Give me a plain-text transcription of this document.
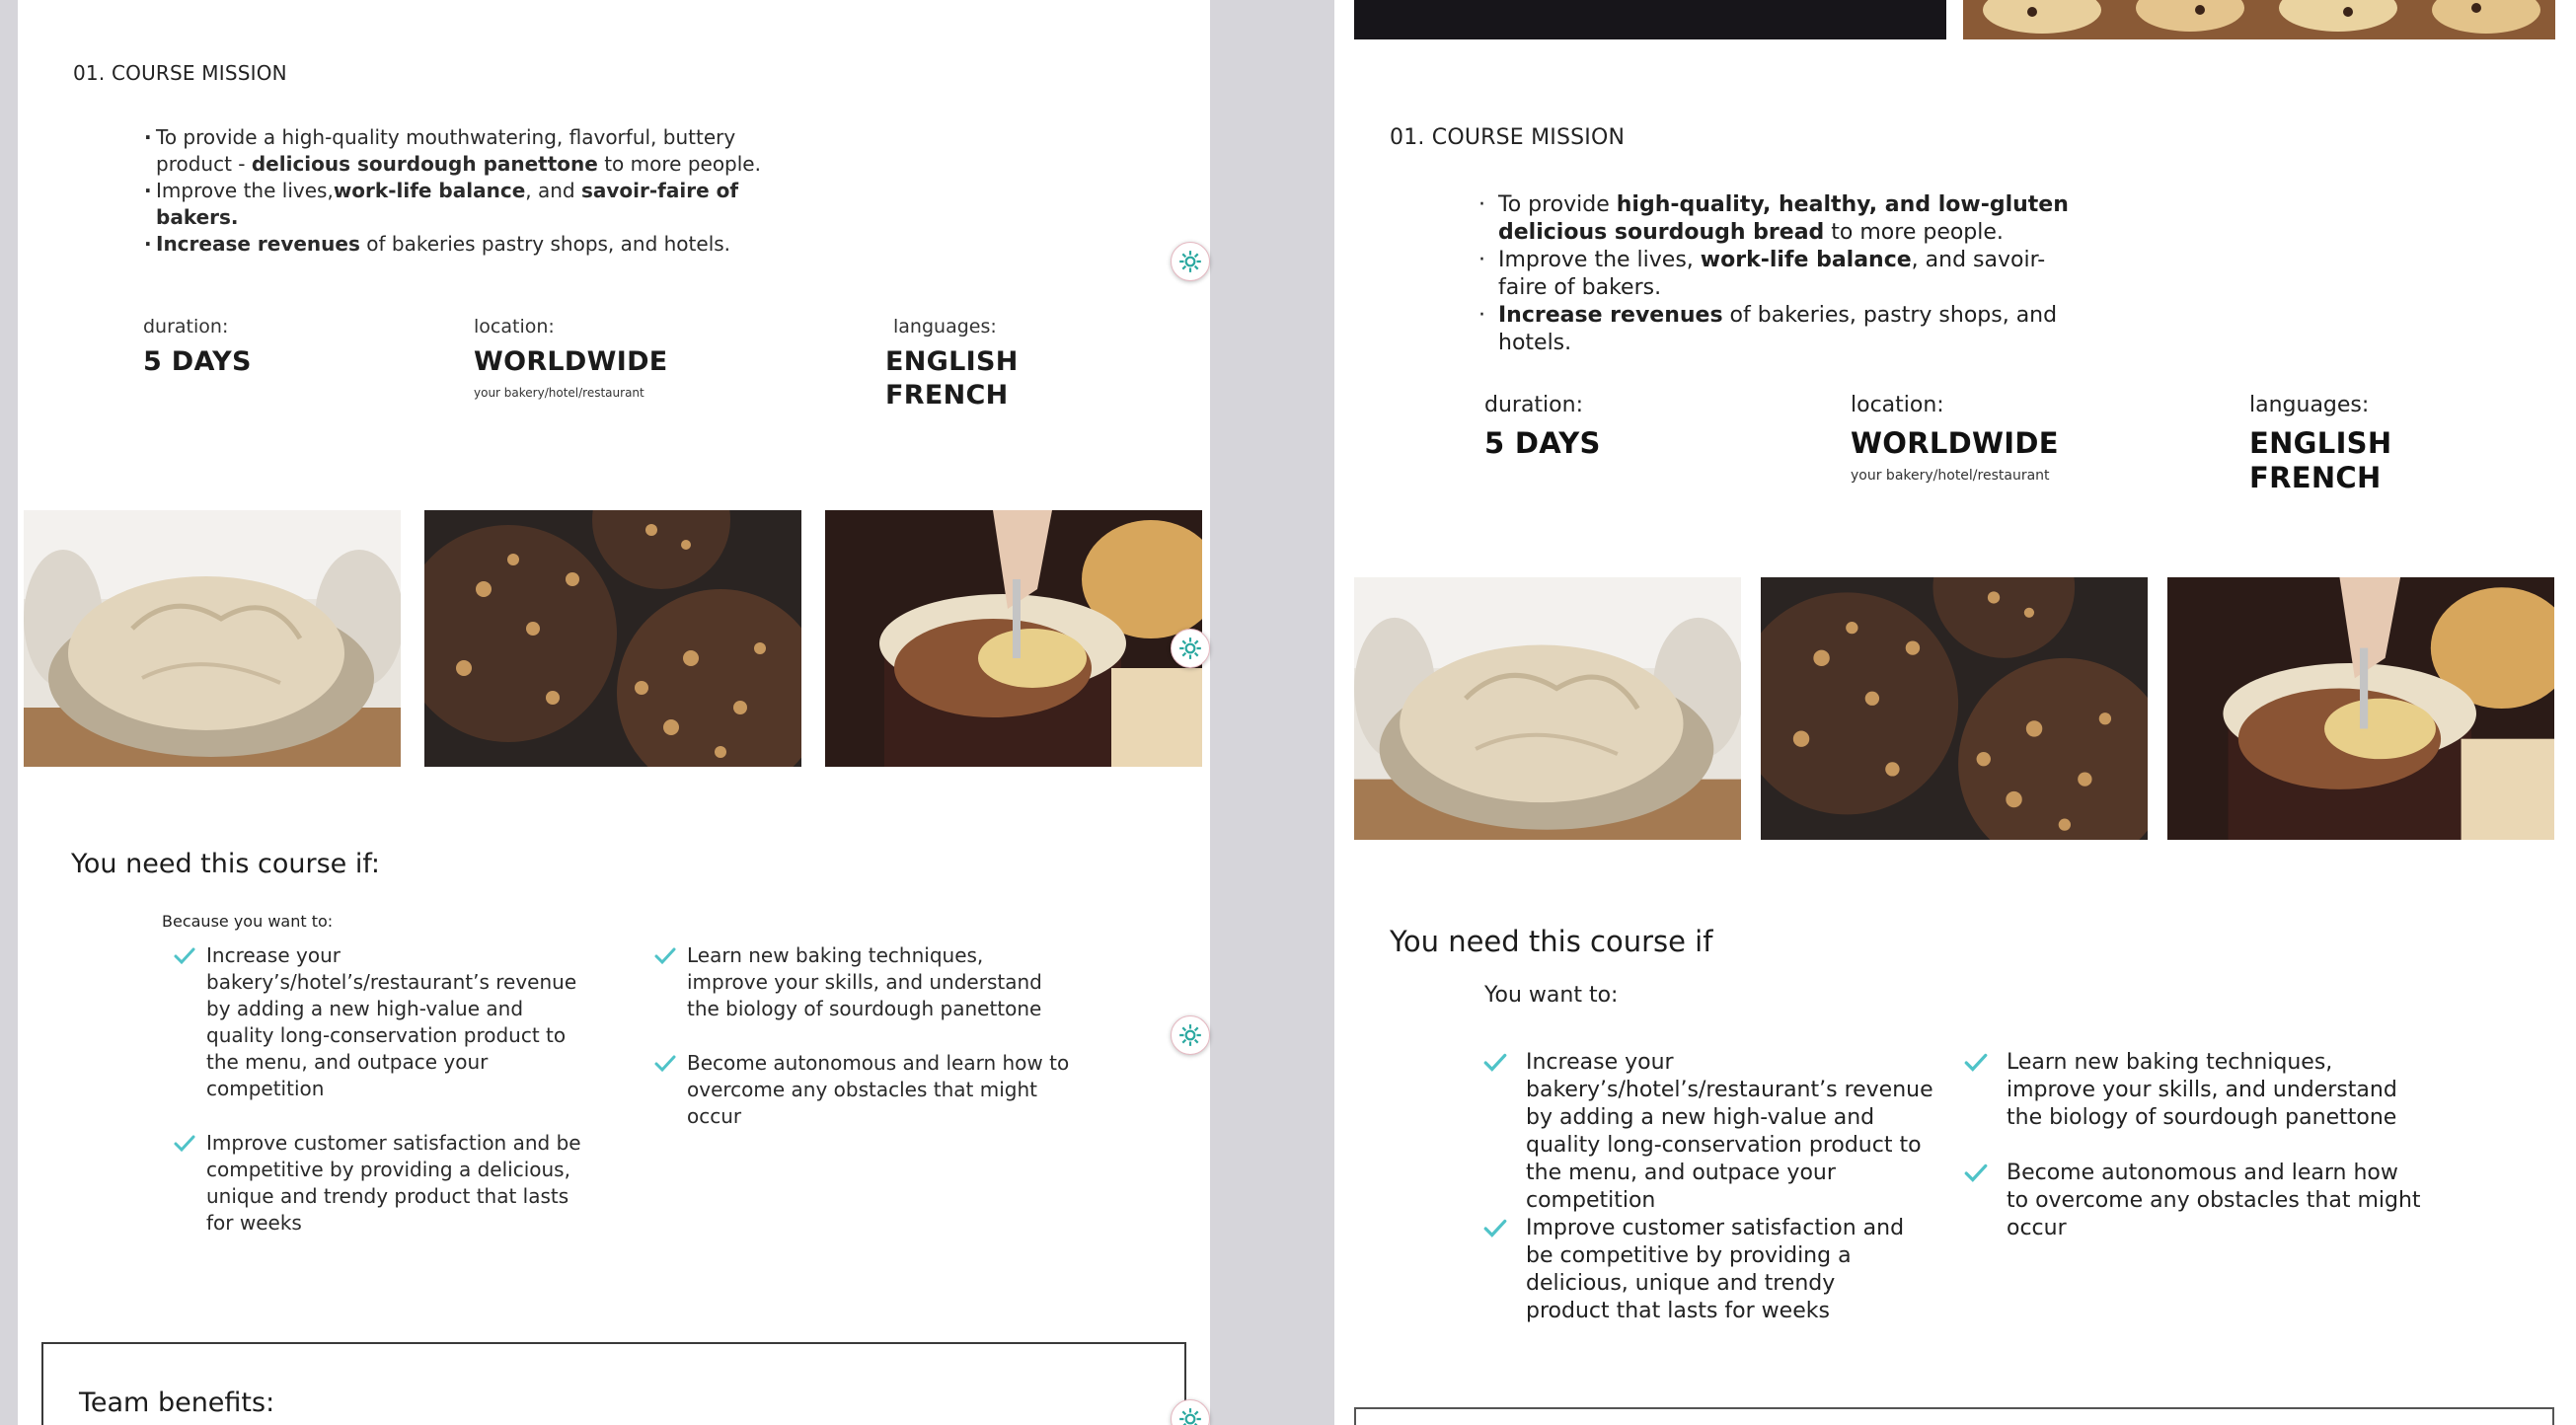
01. COURSE MISSION
· To provide a high-quality mouthwatering, flavorful, buttery product - delicious sourdough panettone to more people.
· Improve the lives,work-life balance, and savoir-faire of bakers.
· Increase revenues of bakeries pastry shops, and hotels.
duration:
5 DAYS
location:
WORLDWIDE
your bakery/hotel/restaurant
languages:
ENGLISH
FRENCH
You need this course if:
Because you want to:
Increase your bakery’s/hotel’s/restaurant’s revenue by adding a new high-value and quality long-conservation product to the menu, and outpace your competition
Improve customer satisfaction and be competitive by providing a delicious, unique and trendy product that lasts for weeks
Learn new baking techniques, improve your skills, and understand the biology of sourdough panettone
Become autonomous and learn how to overcome any obstacles that might occur
Team benefits:
01. COURSE MISSION
· To provide high-quality, healthy, and low-gluten delicious sourdough bread to more people.
· Improve the lives, work-life balance, and savoir-faire of bakers.
· Increase revenues of bakeries, pastry shops, and hotels.
duration:
5 DAYS
location:
WORLDWIDE
your bakery/hotel/restaurant
languages:
ENGLISH
FRENCH
You need this course if
You want to:
Increase your bakery’s/hotel’s/restaurant’s revenue by adding a new high-value and quality long-conservation product to the menu, and outpace your competition
Improve customer satisfaction and be competitive by providing a delicious, unique and trendy product that lasts for weeks
Learn new baking techniques, improve your skills, and understand the biology of sourdough panettone
Become autonomous and learn how to overcome any obstacles that might occur
